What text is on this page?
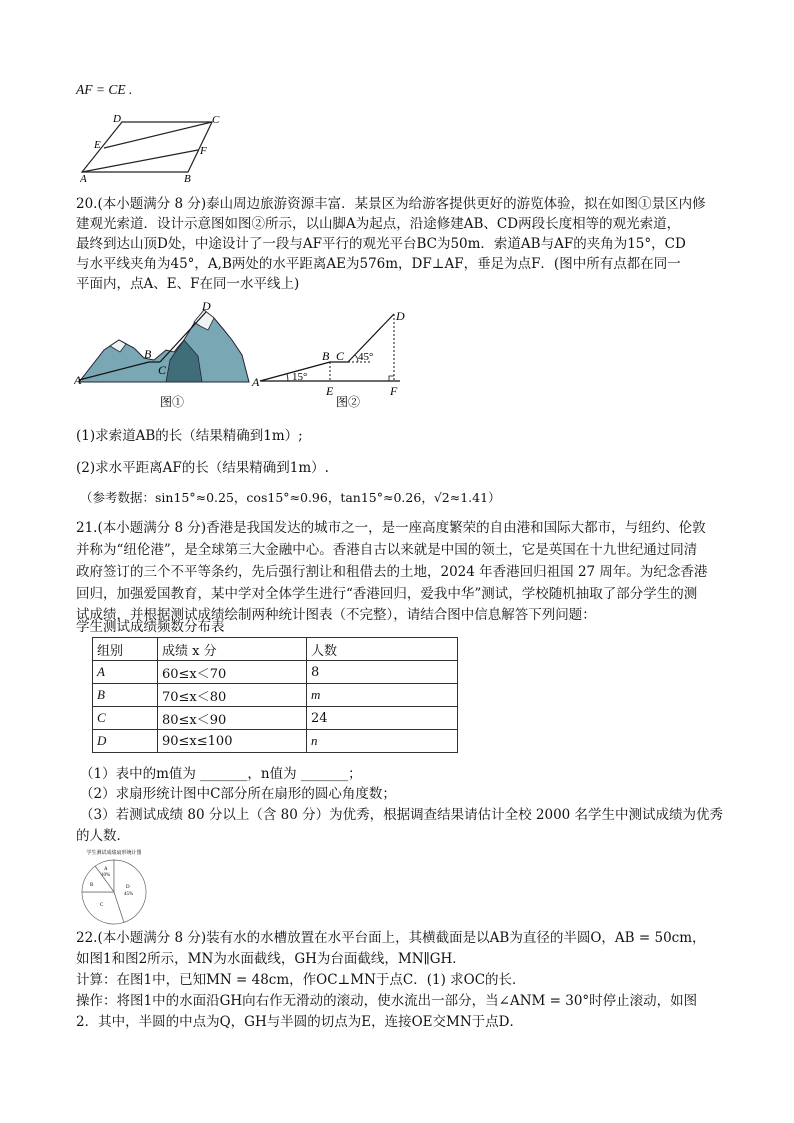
AF = CE .
D	C
E	F
A	B
20.(本小题满分 8 分)泰山周边旅游资源丰富．某景区为给游客提供更好的游览体验，拟在如图①景区内修
建观光索道．设计示意图如图②所示，以山脚A为起点，沿途修建AB、CD两段长度相等的观光索道，
最终到达山顶D处，中途设计了一段与AF平行的观光平台BC为50m．索道AB与AF的夹角为15°，CD
与水平线夹角为45°，A,B两处的水平距离AE为576m，DF⊥AF，垂足为点F．(图中所有点都在同一
平面内，点A、E、F在同一水平线上)
D
B
C
A
图①
D
B C 45°
A	15°
E	F
图②
(1)求索道AB的长（结果精确到1m）;
(2)求水平距离AF的长（结果精确到1m）.
（参考数据：sin15°≈0.25，cos15°≈0.96，tan15°≈0.26，√2≈1.41）
21.(本小题满分 8 分)香港是我国发达的城市之一，是一座高度繁荣的自由港和国际大都市，与纽约、伦敦
并称为“纽伦港”，是全球第三大金融中心。香港自古以来就是中国的领土，它是英国在十九世纪通过同清
政府签订的三个不平等条约，先后强行割让和租借去的土地，2024 年香港回归祖国 27 周年。为纪念香港
回归，加强爱国教育，某中学对全体学生进行“香港回归，爱我中华”测试，学校随机抽取了部分学生的测
试成绩，并根据测试成绩绘制两种统计图表（不完整），请结合图中信息解答下列问题：
学生测试成绩频数分布表
组别	成绩 x 分	人数
A	60≤x＜70	8
B	70≤x＜80	m
C	80≤x＜90	24
D	90≤x≤100	n
（1）表中的m值为 _______，n值为 _______；
（2）求扇形统计图中C部分所在扇形的圆心角度数；
（3）若测试成绩 80 分以上（含 80 分）为优秀，根据调查结果请估计全校 2000 名学生中测试成绩为优秀
的人数．
学生测试成绩扇形统计图
A
10%
B
C
D
45%
22.(本小题满分 8 分)装有水的水槽放置在水平台面上，其横截面是以AB为直径的半圆O，AB = 50cm，
如图1和图2所示，MN为水面截线，GH为台面截线，MN∥GH．
计算：在图1中，已知MN = 48cm，作OC⊥MN于点C．(1) 求OC的长．
操作：将图1中的水面沿GH向右作无滑动的滚动，使水流出一部分，当∠ANM = 30°时停止滚动，如图
2．其中，半圆的中点为Q，GH与半圆的切点为E，连接OE交MN于点D．
